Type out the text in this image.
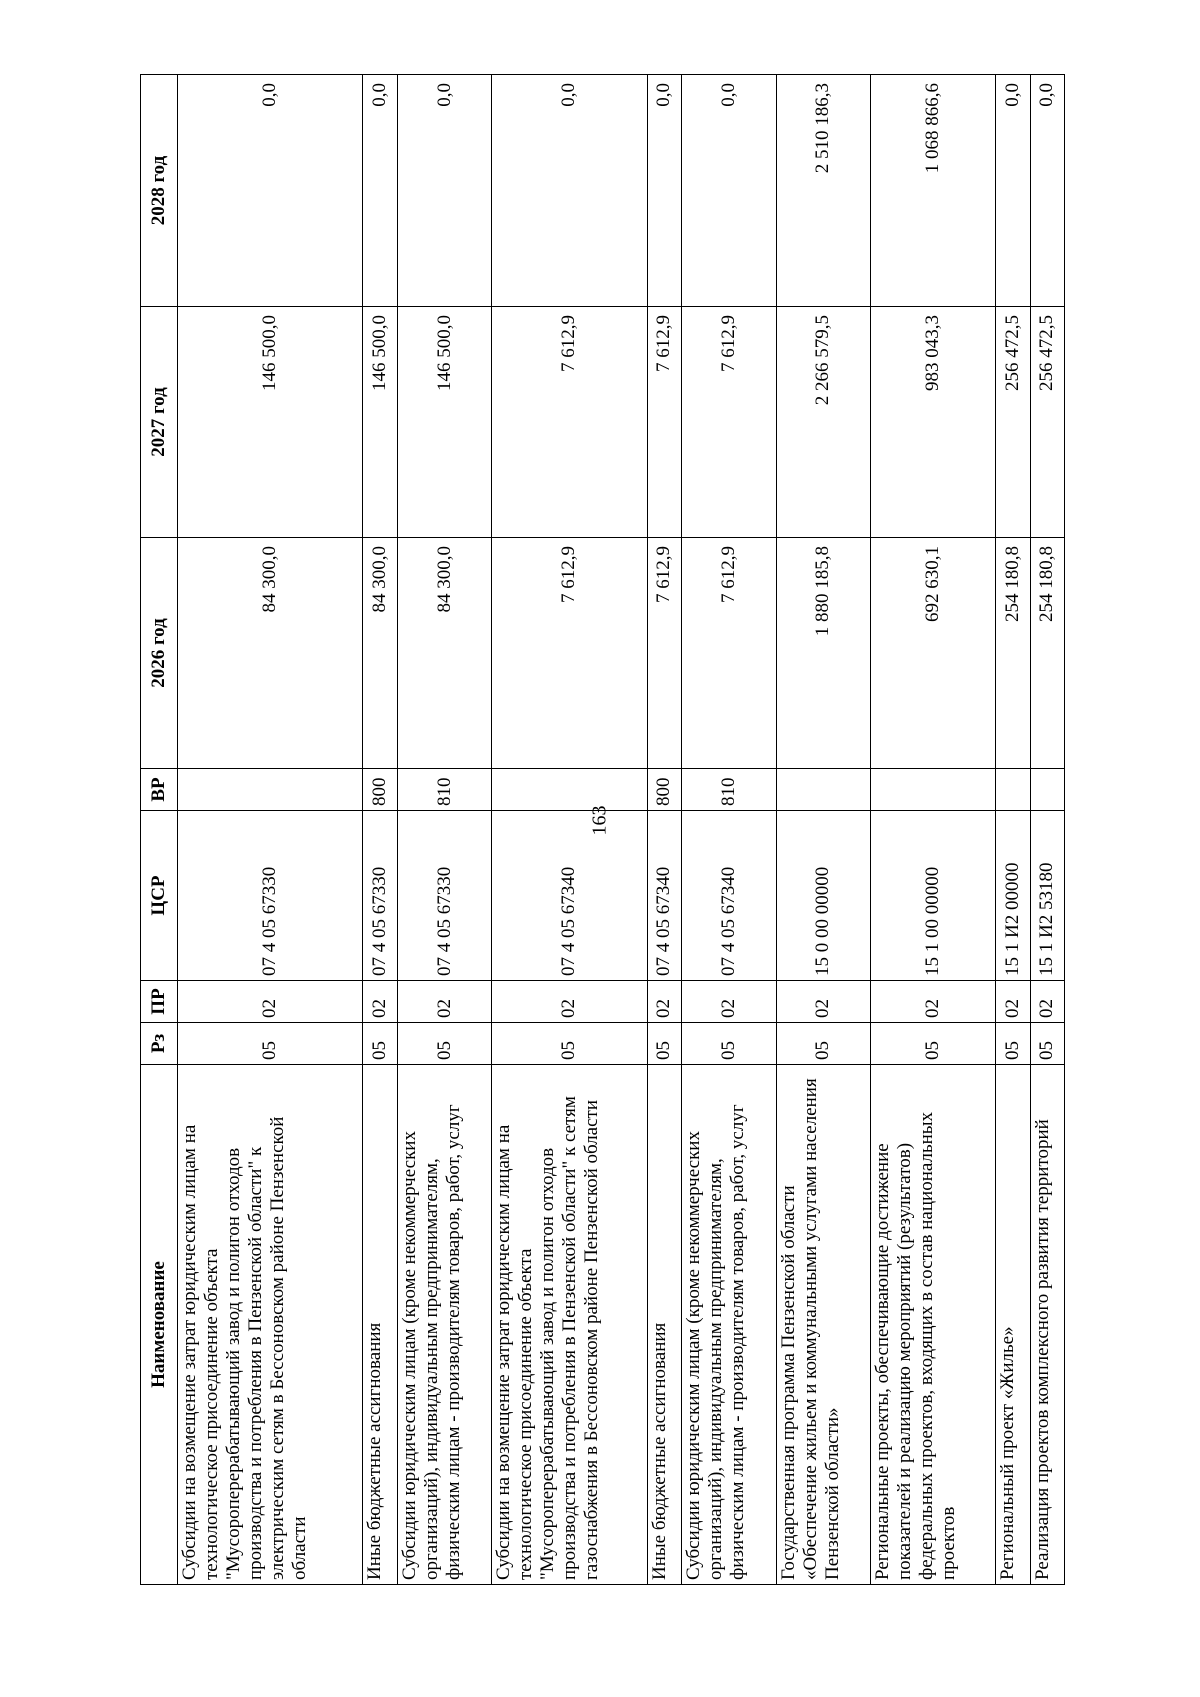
163
Наименование	Рз	ПР	ЦСР	ВР	2026 год	2027 год	2028 год
Субсидии на возмещение затрат юридическим лицам на технологическое присоединение объекта "Мусороперерабатывающий завод и полигон отходов производства и потребления в Пензенской области" к электрическим сетям в Бессоновском районе Пензенской области	05	02	07 4 05 67330		84 300,0	146 500,0	0,0
Иные бюджетные ассигнования	05	02	07 4 05 67330	800	84 300,0	146 500,0	0,0
Субсидии юридическим лицам (кроме некоммерческих организаций), индивидуальным предпринимателям, физическим лицам - производителям товаров, работ, услуг	05	02	07 4 05 67330	810	84 300,0	146 500,0	0,0
Субсидии на возмещение затрат юридическим лицам на технологическое присоединение объекта "Мусороперерабатывающий завод и полигон отходов производства и потребления в Пензенской области" к сетям газоснабжения в Бессоновском районе Пензенской области	05	02	07 4 05 67340		7 612,9	7 612,9	0,0
Иные бюджетные ассигнования	05	02	07 4 05 67340	800	7 612,9	7 612,9	0,0
Субсидии юридическим лицам (кроме некоммерческих организаций), индивидуальным предпринимателям, физическим лицам - производителям товаров, работ, услуг	05	02	07 4 05 67340	810	7 612,9	7 612,9	0,0
Государственная программа Пензенской области «Обеспечение жильем и коммунальными услугами населения Пензенской области»	05	02	15 0 00 00000		1 880 185,8	2 266 579,5	2 510 186,3
Региональные проекты, обеспечивающие достижение показателей и реализацию мероприятий (результатов) федеральных проектов, входящих в состав национальных проектов	05	02	15 1 00 00000		692 630,1	983 043,3	1 068 866,6
Региональный проект «Жилье»	05	02	15 1 И2 00000		254 180,8	256 472,5	0,0
Реализация проектов комплексного развития территорий	05	02	15 1 И2 53180		254 180,8	256 472,5	0,0
